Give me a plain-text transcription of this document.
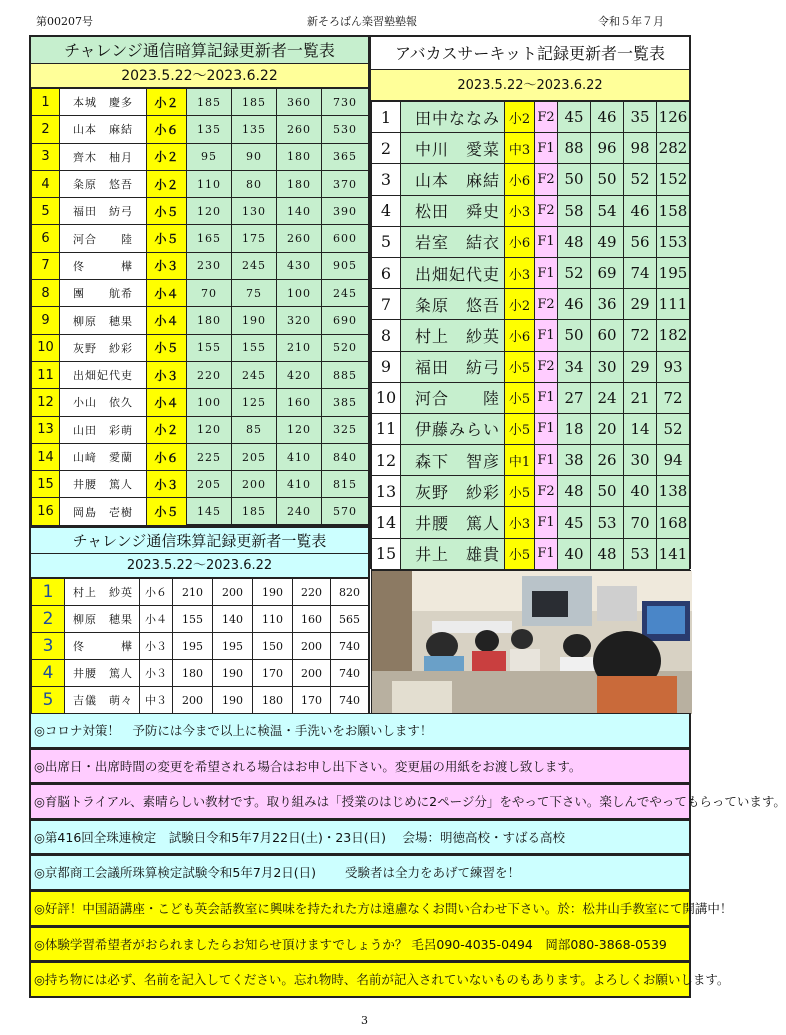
第00207号	新そろばん楽習塾塾報	令和５年７月
チャレンジ通信暗算記録更新者一覧表
2023.5.22～2023.6.22
1	本城　慶多	小２	185	185	360	730
2	山本　麻結	小６	135	135	260	530
3	齊木　柚月	小２	95	90	180	365
4	粂原　悠吾	小２	110	80	180	370
5	福田　紡弓	小５	120	130	140	390
6	河合　　陸	小５	165	175	260	600
7	佟　　　樺	小３	230	245	430	905
8	團　　航希	小４	70	75	100	245
9	柳原　穂果	小４	180	190	320	690
10	灰野　紗彩	小５	155	155	210	520
11	出畑妃代吏	小３	220	245	420	885
12	小山　依久	小４	100	125	160	385
13	山田　彩萌	小２	120	85	120	325
14	山﨑　愛蘭	小６	225	205	410	840
15	井腰　篤人	小３	205	200	410	815
16	岡島　壱樹	小５	145	185	240	570
アバカスサーキット記録更新者一覧表
2023.5.22～2023.6.22
1	田中ななみ	小2	F2	45	46	35	126
2	中川　愛菜	中3	F1	88	96	98	282
3	山本　麻結	小6	F2	50	50	52	152
4	松田　舜史	小3	F2	58	54	46	158
5	岩室　結衣	小6	F1	48	49	56	153
6	出畑妃代吏	小3	F1	52	69	74	195
7	粂原　悠吾	小2	F2	46	36	29	111
8	村上　紗英	小6	F1	50	60	72	182
9	福田　紡弓	小5	F2	34	30	29	93
10	河合　　陸	小5	F1	27	24	21	72
11	伊藤みらい	小5	F1	18	20	14	52
12	森下　智彦	中1	F1	38	26	30	94
13	灰野　紗彩	小5	F2	48	50	40	138
14	井腰　篤人	小3	F1	45	53	70	168
15	井上　雄貴	小5	F1	40	48	53	141
チャレンジ通信珠算記録更新者一覧表
2023.5.22～2023.6.22
1	村上　紗英	小６	210	200	190	220	820
2	柳原　穂果	小４	155	140	110	160	565
3	佟　　　樺	小３	195	195	150	200	740
4	井腰　篤人	小３	180	190	170	200	740
5	吉儀　萌々	中３	200	190	180	170	740
◎コロナ対策！　予防には今まで以上に検温・手洗いをお願いします！
◎出席日・出席時間の変更を希望される場合はお申し出下さい。変更届の用紙をお渡し致します。
◎育脳トライアル、素晴らしい教材です。取り組みは「授業のはじめに2ページ分」をやって下さい。楽しんでやってもらっています。
◎第416回全珠連検定　試験日令和5年7月22日(土)・23日(日)　 会場：明徳高校・すばる高校
◎京都商工会議所珠算検定試験令和5年7月2日(日)　　 受験者は全力をあげて練習を！
◎好評！中国語講座・こども英会話教室に興味を持たれた方は遠慮なくお問い合わせ下さい。於：松井山手教室にて開講中！
◎体験学習希望者がおられましたらお知らせ頂けますでしょうか？ 毛呂090-4035-0494　岡部080-3868-0539
◎持ち物には必ず、名前を記入してください。忘れ物時、名前が記入されていないものもあります。よろしくお願いします。
3
